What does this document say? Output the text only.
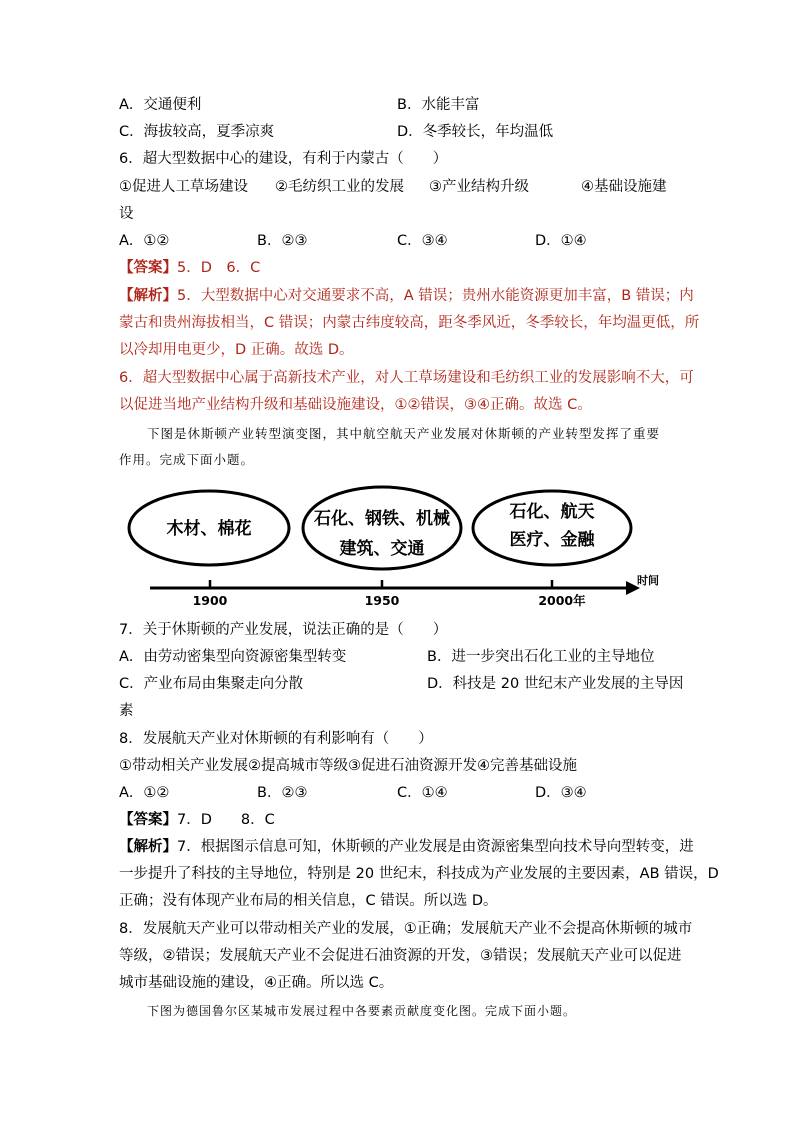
A．交通便利	B．水能丰富
C．海拔较高，夏季凉爽	D．冬季较长，年均温低
6．超大型数据中心的建设，有利于内蒙古（　　）
①促进人工草场建设 ②毛纺织工业的发展 ③产业结构升级	④基础设施建
设
A．①②	B．②③	C．③④	D．①④
【答案】5．D　6．C
【解析】5．大型数据中心对交通要求不高，A 错误；贵州水能资源更加丰富，B 错误；内
蒙古和贵州海拔相当，C 错误；内蒙古纬度较高，距冬季风近，冬季较长，年均温更低，所
以冷却用电更少，D 正确。故选 D。
6．超大型数据中心属于高新技术产业，对人工草场建设和毛纺织工业的发展影响不大，可
以促进当地产业结构升级和基础设施建设，①②错误，③④正确。故选 C。
下图是休斯顿产业转型演变图，其中航空航天产业发展对休斯顿的产业转型发挥了重要
作用。完成下面小题。
木材、棉花	石化、钢铁、机械
建筑、交通
石化、航天
医疗、金融
时间
1900	1950	2000年
7．关于休斯顿的产业发展，说法正确的是（　　）
A．由劳动密集型向资源密集型转变	B．进一步突出石化工业的主导地位
C．产业布局由集聚走向分散	D．科技是 20 世纪末产业发展的主导因
素
8．发展航天产业对休斯顿的有利影响有（　　）
①带动相关产业发展②提高城市等级③促进石油资源开发④完善基础设施
A．①②	B．②③	C．①④	D．③④
【答案】7．D　　8．C
【解析】7．根据图示信息可知，休斯顿的产业发展是由资源密集型向技术导向型转变，进
一步提升了科技的主导地位，特别是 20 世纪末，科技成为产业发展的主要因素，AB 错误，D
正确；没有体现产业布局的相关信息，C 错误。所以选 D。
8．发展航天产业可以带动相关产业的发展，①正确；发展航天产业不会提高休斯顿的城市
等级，②错误；发展航天产业不会促进石油资源的开发，③错误；发展航天产业可以促进
城市基础设施的建设，④正确。所以选 C。
下图为德国鲁尔区某城市发展过程中各要素贡献度变化图。完成下面小题。
